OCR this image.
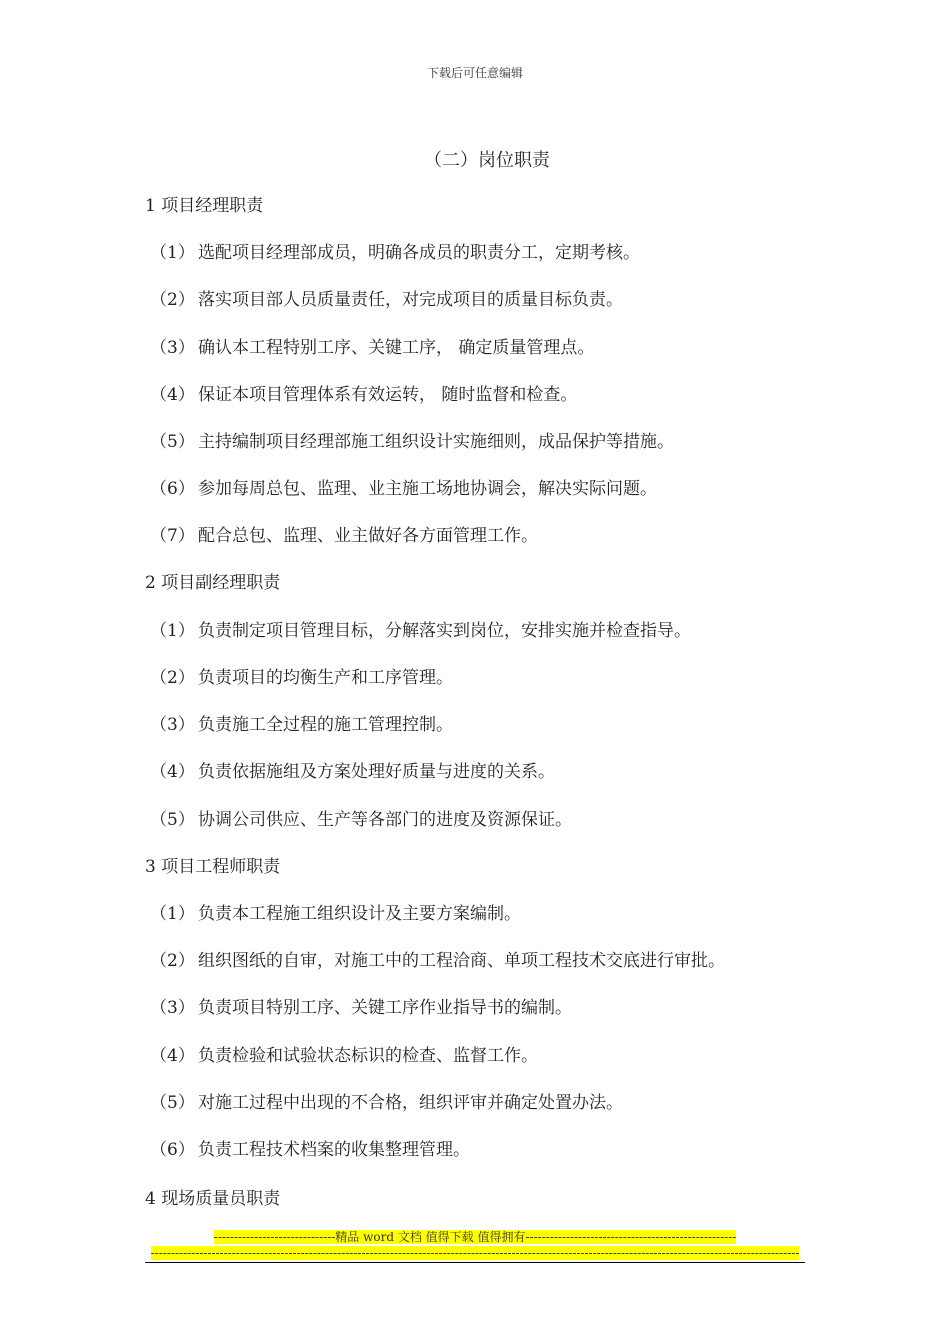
下载后可任意编辑
（二）岗位职责
1 项目经理职责
（1） 选配项目经理部成员，明确各成员的职责分工，定期考核。
（2） 落实项目部人员质量责任，对完成项目的质量目标负责。
（3） 确认本工程特别工序、关键工序， 确定质量管理点。
（4） 保证本项目管理体系有效运转， 随时监督和检查。
（5） 主持编制项目经理部施工组织设计实施细则，成品保护等措施。
（6） 参加每周总包、监理、业主施工场地协调会，解决实际问题。
（7） 配合总包、监理、业主做好各方面管理工作。
2 项目副经理职责
（1） 负责制定项目管理目标，分解落实到岗位，安排实施并检查指导。
（2） 负责项目的均衡生产和工序管理。
（3） 负责施工全过程的施工管理控制。
（4） 负责依据施组及方案处理好质量与进度的关系。
（5） 协调公司供应、生产等各部门的进度及资源保证。
3 项目工程师职责
（1） 负责本工程施工组织设计及主要方案编制。
（2） 组织图纸的自审，对施工中的工程洽商、单项工程技术交底进行审批。
（3） 负责项目特别工序、关键工序作业指导书的编制。
（4） 负责检验和试验状态标识的检查、监督工作。
（5） 对施工过程中出现的不合格，组织评审并确定处置办法。
（6） 负责工程技术档案的收集整理管理。
4 现场质量员职责
------------------------------精品 word 文档 值得下载 值得拥有----------------------------------------------------
----------------------------------------------------------------------------------------------------------------------------------------------------------------
